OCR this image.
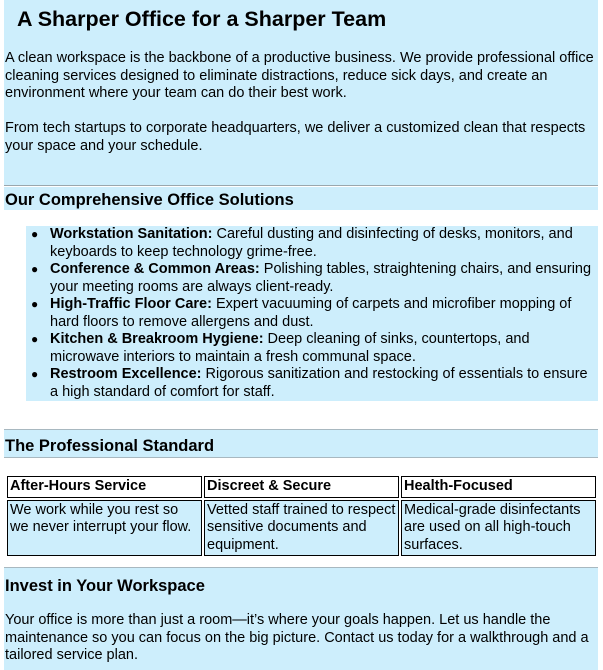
A Sharper Office for a Sharper Team

A clean workspace is the backbone of a productive business. We provide professional office cleaning services designed to eliminate distractions, reduce sick days, and create an environment where your team can do their best work.

From tech startups to corporate headquarters, we deliver a customized clean that respects your space and your schedule.

Our Comprehensive Office Solutions
● Workstation Sanitation: Careful dusting and disinfecting of desks, monitors, and keyboards to keep technology grime-free.
● Conference & Common Areas: Polishing tables, straightening chairs, and ensuring your meeting rooms are always client-ready.
● High-Traffic Floor Care: Expert vacuuming of carpets and microfiber mopping of hard floors to remove allergens and dust.
● Kitchen & Breakroom Hygiene: Deep cleaning of sinks, countertops, and microwave interiors to maintain a fresh communal space.
● Restroom Excellence: Rigorous sanitization and restocking of essentials to ensure a high standard of comfort for staff.
The Professional Standard
After-Hours Service	Discreet & Secure	Health-Focused
We work while you rest so we never interrupt your flow.	Vetted staff trained to respect sensitive documents and equipment.	Medical-grade disinfectants are used on all high-touch surfaces.
Invest in Your Workspace

Your office is more than just a room—it’s where your goals happen. Let us handle the maintenance so you can focus on the big picture. Contact us today for a walkthrough and a tailored service plan.
